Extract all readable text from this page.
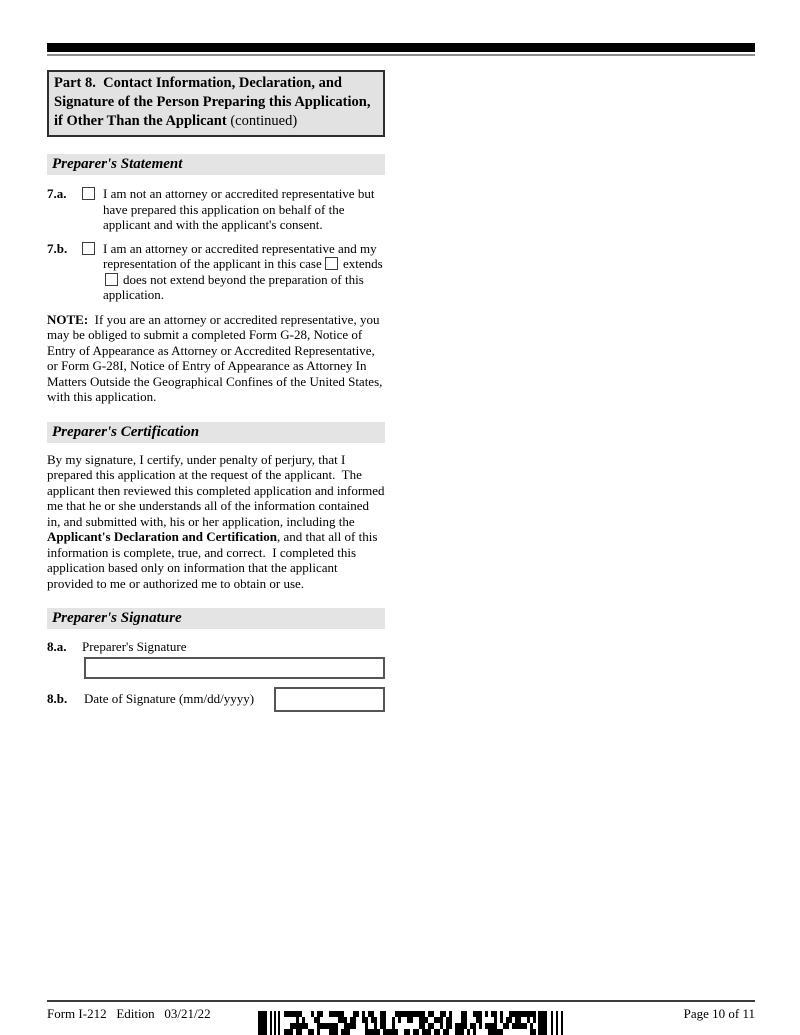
Part 8.  Contact Information, Declaration, and Signature of the Person Preparing this Application, if Other Than the Applicant (continued)
Preparer's Statement
7.a.	I am not an attorney or accredited representative but have prepared this application on behalf of the applicant and with the applicant's consent.
7.b.	I am an attorney or accredited representative and my representation of the applicant in this case extends does not extend beyond the preparation of this application.

NOTE:  If you are an attorney or accredited representative, you may be obliged to submit a completed Form G-28, Notice of Entry of Appearance as Attorney or Accredited Representative, or Form G-28I, Notice of Entry of Appearance as Attorney In Matters Outside the Geographical Confines of the United States, with this application.

Preparer's Certification

By my signature, I certify, under penalty of perjury, that I prepared this application at the request of the applicant.  The applicant then reviewed this completed application and informed me that he or she understands all of the information contained in, and submitted with, his or her application, including the Applicant's Declaration and Certification, and that all of this information is complete, true, and correct.  I completed this application based only on information that the applicant provided to me or authorized me to obtain or use.

Preparer's Signature
8.a.	Preparer's Signature
8.b.	Date of Signature (mm/dd/yyyy)
Form I-212   Edition   03/21/22	Page 10 of 11
